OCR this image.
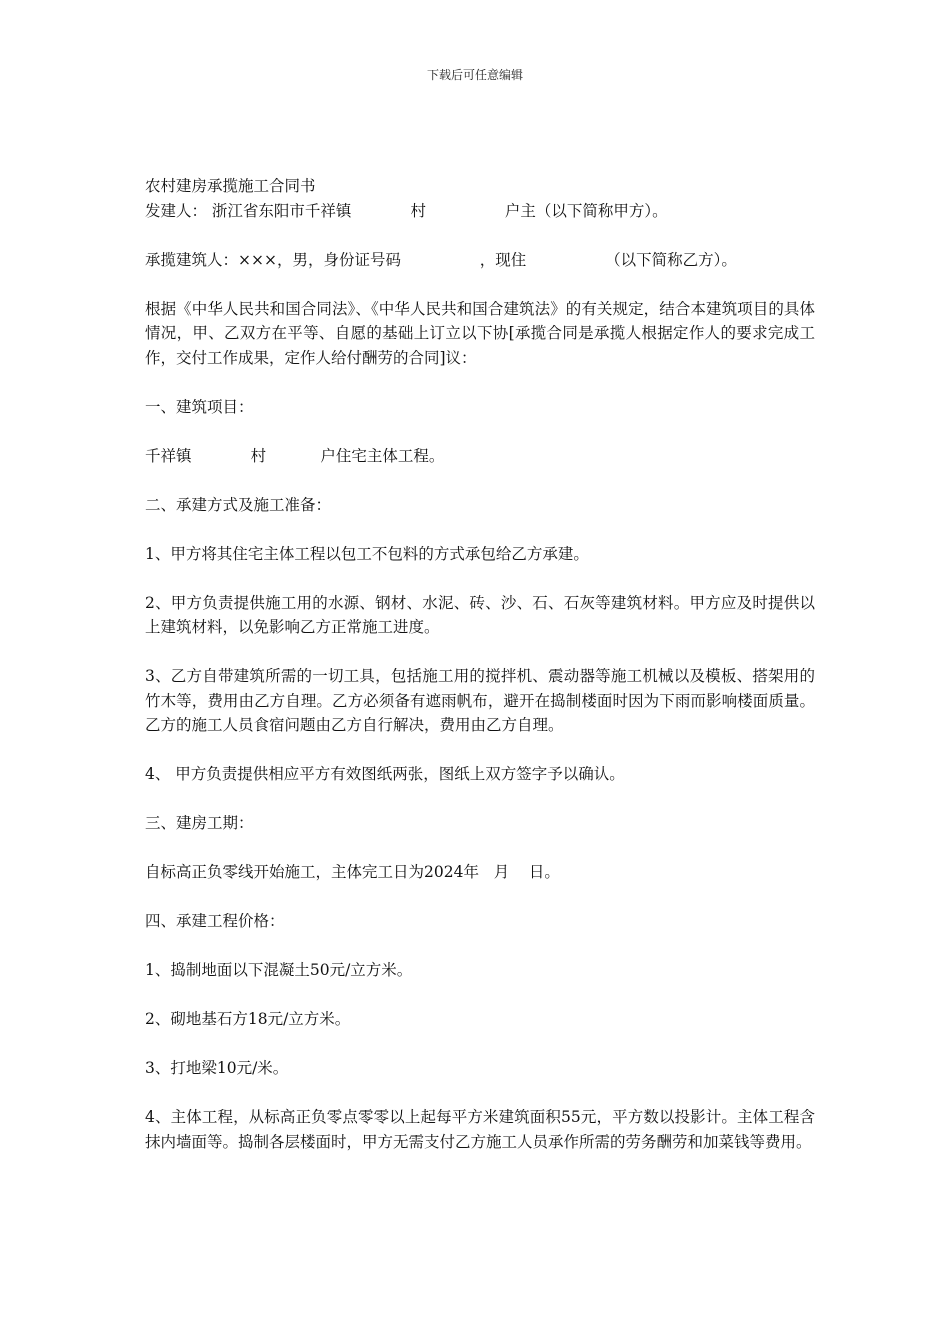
下载后可任意编辑
农村建房承揽施工合同书
发建人： 浙江省东阳市千祥镇            村                户主（以下简称甲方）。
承揽建筑人：×××，男，身份证号码                ，现住                （以下简称乙方）。
根据《中华人民共和国合同法》、《中华人民共和国合建筑法》的有关规定，结合本建筑项目的具体情况，甲、乙双方在平等、自愿的基础上订立以下协[承揽合同是承揽人根据定作人的要求完成工作，交付工作成果，定作人给付酬劳的合同]议：
一、建筑项目：
千祥镇            村           户住宅主体工程。
二、承建方式及施工准备：
1、甲方将其住宅主体工程以包工不包料的方式承包给乙方承建。
2、甲方负责提供施工用的水源、钢材、水泥、砖、沙、石、石灰等建筑材料。甲方应及时提供以上建筑材料，以免影响乙方正常施工进度。
3、乙方自带建筑所需的一切工具，包括施工用的搅拌机、震动器等施工机械以及模板、搭架用的竹木等，费用由乙方自理。乙方必须备有遮雨帆布，避开在捣制楼面时因为下雨而影响楼面质量。乙方的施工人员食宿问题由乙方自行解决，费用由乙方自理。
4、 甲方负责提供相应平方有效图纸两张，图纸上双方签字予以确认。
三、建房工期：
自标高正负零线开始施工，主体完工日为2024年   月    日。
四、承建工程价格：
1、捣制地面以下混凝土50元/立方米。
2、砌地基石方18元/立方米。
3、打地梁10元/米。
4、主体工程，从标高正负零点零零以上起每平方米建筑面积55元，平方数以投影计。主体工程含抹内墙面等。捣制各层楼面时，甲方无需支付乙方施工人员承作所需的劳务酬劳和加菜钱等费用。
